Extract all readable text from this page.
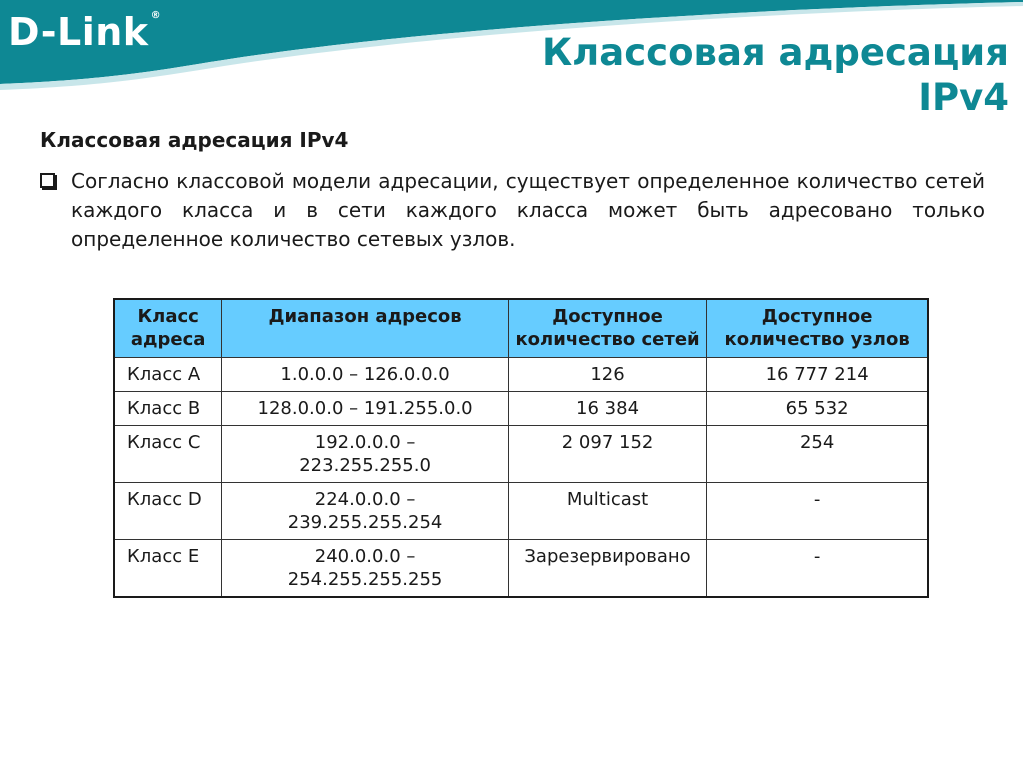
D-Link ®
Классовая адресация
IPv4
Классовая адресация IPv4
Согласно классовой модели адресации, существует определенное количество сетей каждого класса и в сети каждого класса может быть адресовано только определенное количество сетевых узлов.
Класс адреса	Диапазон адресов	Доступное количество сетей	Доступное количество узлов
Класс A	1.0.0.0 – 126.0.0.0	126	16 777 214
Класс B	128.0.0.0 – 191.255.0.0	16 384	65 532
Класс C	192.0.0.0 – 223.255.255.0	2 097 152	254
Класс D	224.0.0.0 – 239.255.255.254	Multicast	-
Класс E	240.0.0.0 – 254.255.255.255	Зарезервировано	-
